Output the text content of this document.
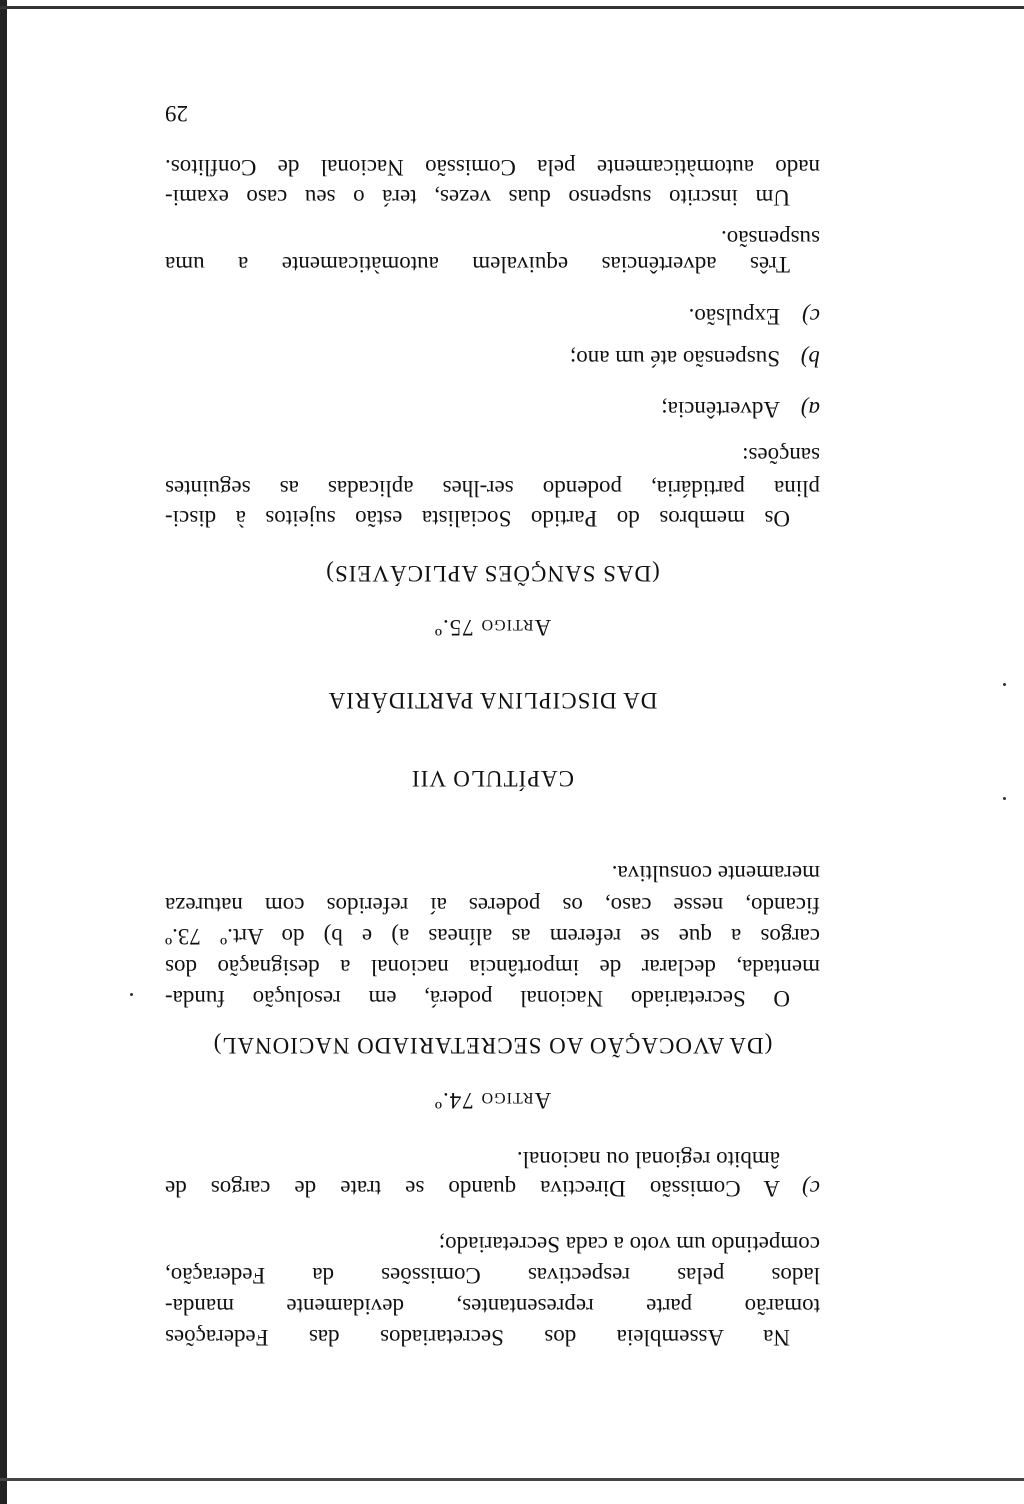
Na Assembleia dos Secretariados das Federações
tomarão parte representantes, devidamente manda-
lados pelas respectivas Comissões da Federação,
competindo um voto a cada Secretariado;
c)
A Comissão Directiva quando se trate de cargos de
âmbito regional ou nacional.
Artigo 74.º
(DA AVOCAÇÃO AO SECRETARIADO NACIONAL)
O Secretariado Nacional poderá, em resolução funda-
mentada, declarar de importância nacional a designação dos
cargos a que se referem as alíneas a) e b) do Art.º 73.º
ficando, nesse caso, os poderes aí referidos com natureza
meramente consultiva.
CAPÍTULO VII
DA DISCIPLINA PARTIDÁRIA
Artigo 75.º
(DAS SANÇÕES APLICÁVEIS)
Os membros do Partido Socialista estão sujeitos à disci-
plina partidária, podendo ser-lhes aplicadas as seguintes
sanções:
a)
Advertência;
b)
Suspensão até um ano;
c)
Expulsão.
Três advertências equivalem automàticamente a uma
suspensão.
Um inscrito suspenso duas vezes, terá o seu caso exami-
nado automàticamente pela Comissão Nacional de Conflitos.
29
